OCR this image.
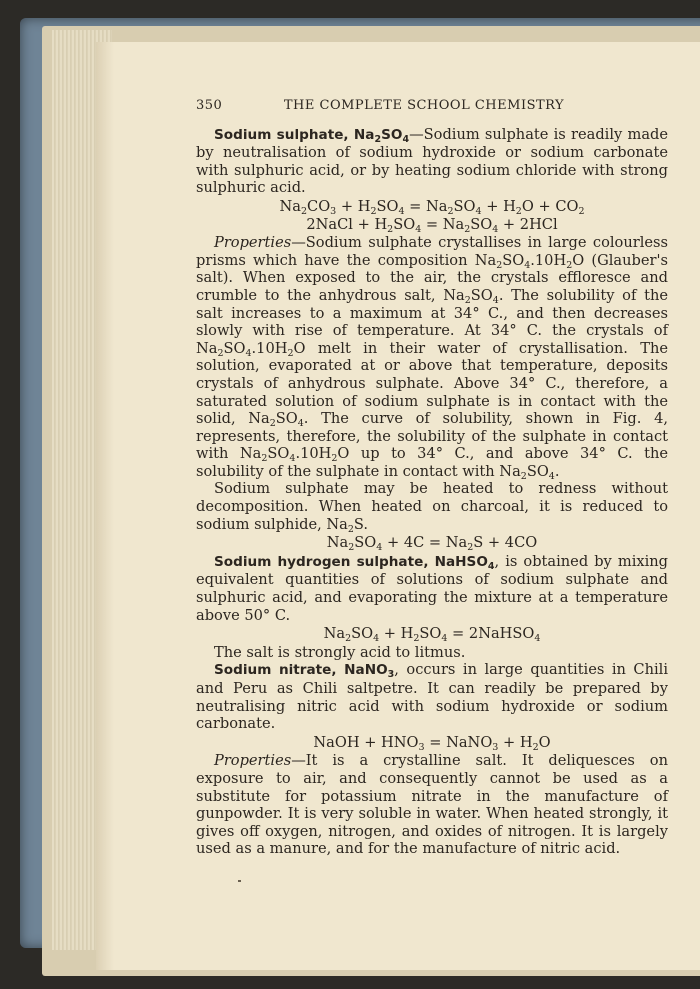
350	THE COMPLETE SCHOOL CHEMISTRY

Sodium sulphate, $Na_2SO_4—Sodium$ sulphate is readily made by neutralisation of sodium hydroxide or sodium carbonate with sulphuric acid, or by heating sodium chloride with strong sulphuric acid.

$Na_2CO_3 + H_2SO_4 = Na_2SO_4 + H_2O + CO_2$
2NaCl + $H_2SO_4 = Na_2SO_4 + 2HCl$

Properties—Sodium sulphate crystallises in large colourless prisms which have the composition $Na_2SO_4.10H_2O$ (Glauber's salt). When exposed to the air, the crystals effloresce and crumble to the anhydrous salt, $Na_2SO_4$. The solubility of the salt increases to a maximum at 34° C., and then decreases slowly with rise of temperature. At 34° C. the crystals of $Na_2SO_4.10H_2O$ melt in their water of crystallisation. The solution, evaporated at or above that temperature, deposits crystals of anhydrous sulphate. Above 34° C., therefore, a saturated solution of sodium sulphate is in contact with the solid, $Na_2SO_4$. The curve of solubility, shown in Fig. 4, represents, therefore, the solubility of the sulphate in contact with $Na_2SO_4.10H_2O$ up to 34° C., and above 34° C. the solubility of the sulphate in contact with $Na_2SO_4$.

Sodium sulphate may be heated to redness without decomposition. When heated on charcoal, it is reduced to sodium sulphide, $Na_2S$.

$Na_2SO_4 + 4C = Na_2S + 4CO$

Sodium hydrogen sulphate, NaHSO$_4$, is obtained by mixing equivalent quantities of solutions of sodium sulphate and sulphuric acid, and evaporating the mixture at a temperature above 50° C.

$Na_2SO_4 + H_2SO_4$ = 2NaHSO$_4$

The salt is strongly acid to litmus.

Sodium nitrate, NaNO$_3$, occurs in large quantities in Chili and Peru as Chili saltpetre. It can readily be prepared by neutralising nitric acid with sodium hydroxide or sodium carbonate.

NaOH + $HNO_3$ = NaNO$_3$ + $H_2O$

Properties—It is a crystalline salt. It deliquesces on exposure to air, and consequently cannot be used as a substitute for potassium nitrate in the manufacture of gunpowder. It is very soluble in water. When heated strongly, it gives off oxygen, nitrogen, and oxides of nitrogen. It is largely used as a manure, and for the manufacture of nitric acid.
